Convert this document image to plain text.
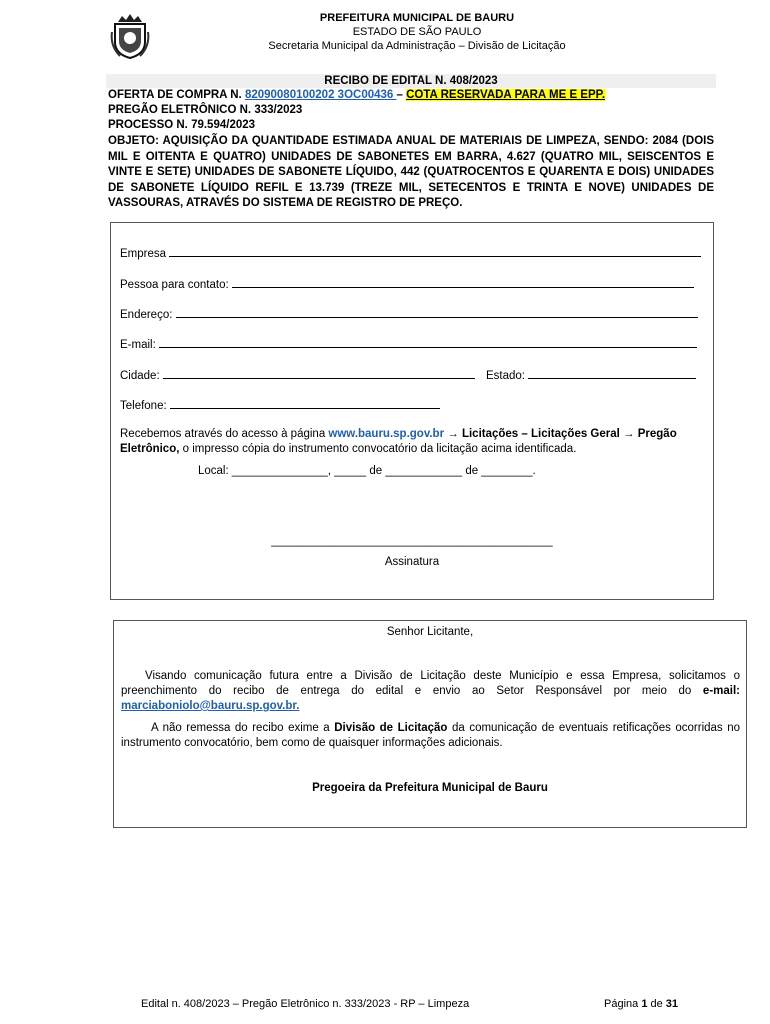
PREFEITURA MUNICIPAL DE BAURU
ESTADO DE SÃO PAULO
Secretaria Municipal da Administração – Divisão de Licitação
RECIBO DE EDITAL N. 408/2023
OFERTA DE COMPRA N. 82090080100202 3OC00436 – COTA RESERVADA PARA ME E EPP.
PREGÃO ELETRÔNICO N. 333/2023
PROCESSO N. 79.594/2023
OBJETO: AQUISIÇÃO DA QUANTIDADE ESTIMADA ANUAL DE MATERIAIS DE LIMPEZA, SENDO: 2084 (DOIS MIL E OITENTA E QUATRO) UNIDADES DE SABONETES EM BARRA, 4.627 (QUATRO MIL, SEISCENTOS E VINTE E SETE) UNIDADES DE SABONETE LÍQUIDO, 442 (QUATROCENTOS E QUARENTA E DOIS) UNIDADES DE SABONETE LÍQUIDO REFIL E 13.739 (TREZE MIL, SETECENTOS E TRINTA E NOVE) UNIDADES DE VASSOURAS, ATRAVÉS DO SISTEMA DE REGISTRO DE PREÇO.
Empresa
Pessoa para contato:
Endereço:
E-mail:
Cidade:	Estado:
Telefone:
Recebemos através do acesso à página www.bauru.sp.gov.br → Licitações – Licitações Geral → Pregão Eletrônico, o impresso cópia do instrumento convocatório da licitação acima identificada.
Local: _______________, _____ de ____________ de ________.
____________________________________________
Assinatura
Senhor Licitante,
Visando comunicação futura entre a Divisão de Licitação deste Município e essa Empresa, solicitamos o preenchimento do recibo de entrega do edital e envio ao Setor Responsável por meio do e-mail: marciaboniolo@bauru.sp.gov.br.
A não remessa do recibo exime a Divisão de Licitação da comunicação de eventuais retificações ocorridas no instrumento convocatório, bem como de quaisquer informações adicionais.
Pregoeira da Prefeitura Municipal de Bauru
Edital n. 408/2023 – Pregão Eletrônico n. 333/2023 - RP – Limpeza	Página 1 de 31
